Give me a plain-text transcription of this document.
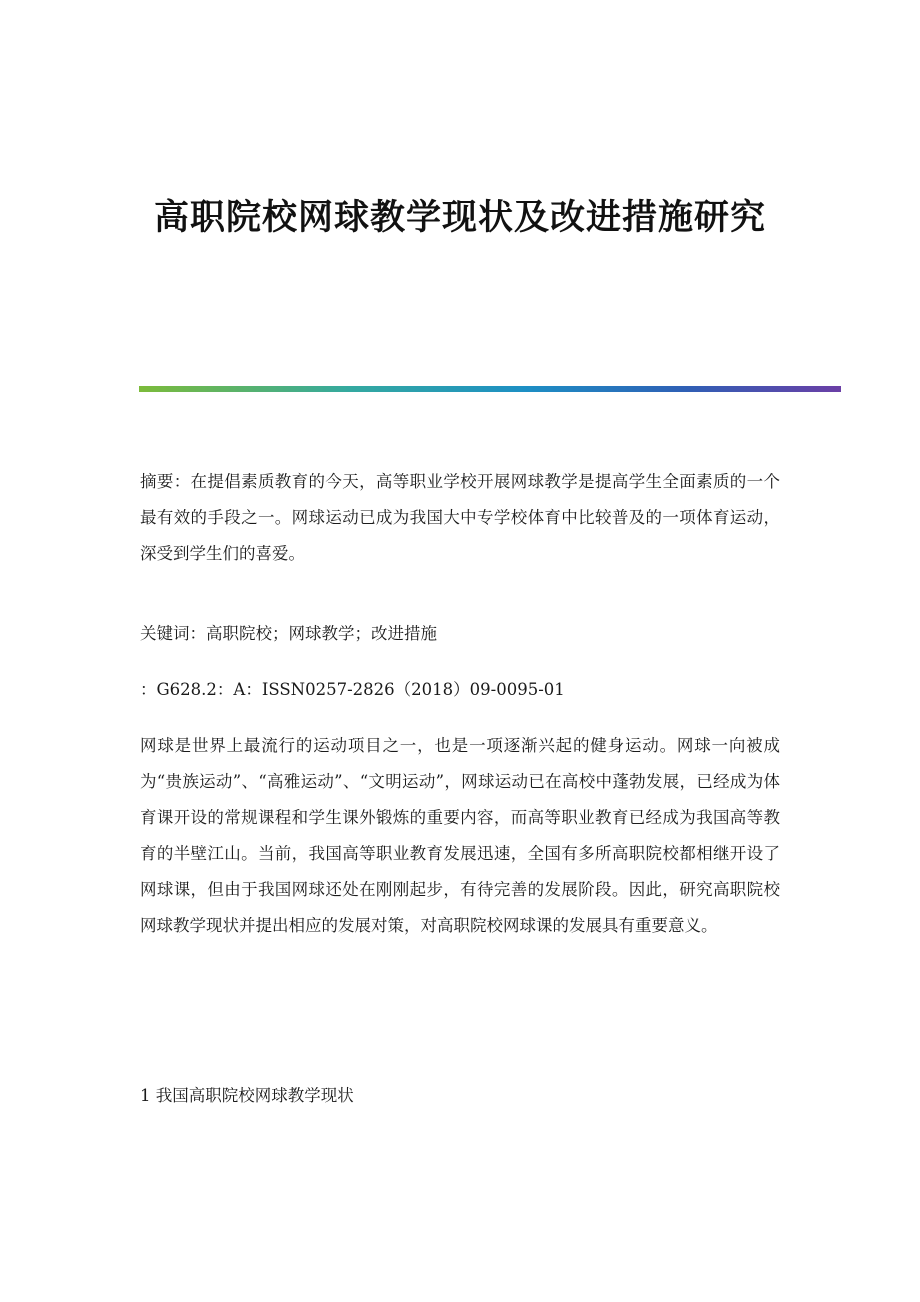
高职院校网球教学现状及改进措施研究

摘要：在提倡素质教育的今天，高等职业学校开展网球教学是提高学生全面素质的一个最有效的手段之一。网球运动已成为我国大中专学校体育中比较普及的一项体育运动，深受到学生们的喜爱。

关键词：高职院校；网球教学；改进措施

：G628.2：A：ISSN0257-2826（2018）09-0095-01

网球是世界上最流行的运动项目之一，也是一项逐渐兴起的健身运动。网球一向被成为“贵族运动”、“高雅运动”、“文明运动”，网球运动已在高校中蓬勃发展，已经成为体育课开设的常规课程和学生课外锻炼的重要内容，而高等职业教育已经成为我国高等教育的半壁江山。当前，我国高等职业教育发展迅速，全国有多所高职院校都相继开设了网球课，但由于我国网球还处在刚刚起步，有待完善的发展阶段。因此，研究高职院校网球教学现状并提出相应的发展对策，对高职院校网球课的发展具有重要意义。

1 我国高职院校网球教学现状
